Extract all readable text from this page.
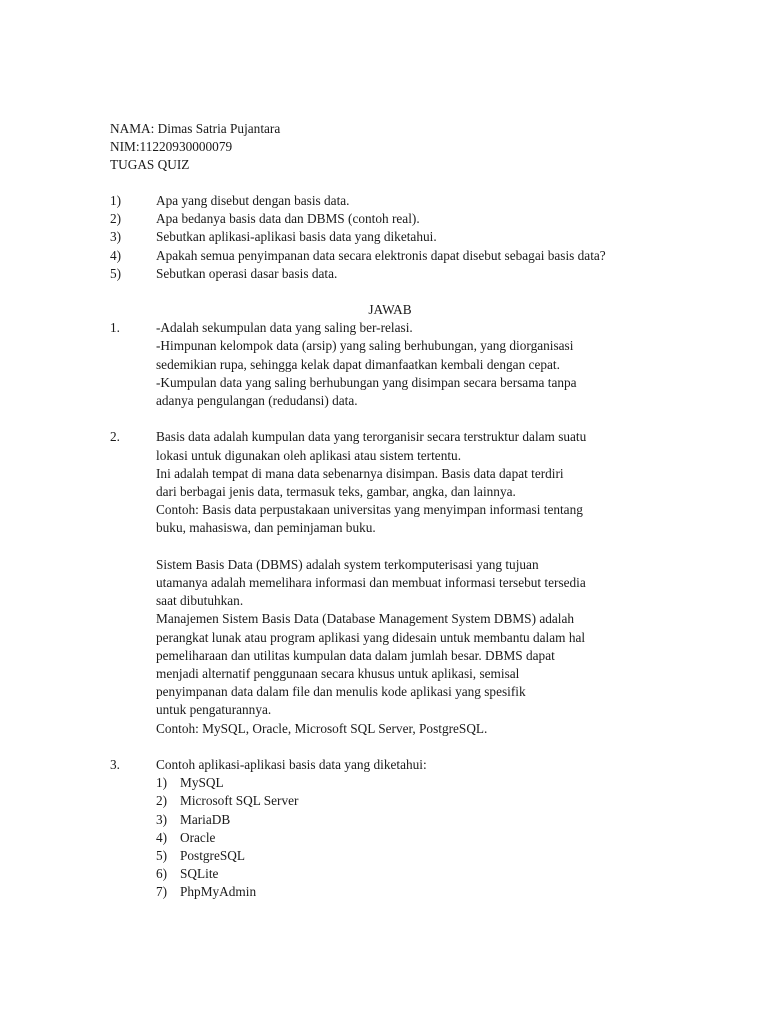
NAMA: Dimas Satria Pujantara
NIM:11220930000079
TUGAS QUIZ
1)	Apa yang disebut dengan basis data.
2)	Apa bedanya basis data dan DBMS (contoh real).
3)	Sebutkan aplikasi-aplikasi basis data yang diketahui.
4)	Apakah semua penyimpanan data secara elektronis dapat disebut sebagai basis data?
5)	Sebutkan operasi dasar basis data.
JAWAB
1.	-Adalah sekumpulan data yang saling ber-relasi.
-Himpunan kelompok data (arsip) yang saling berhubungan, yang diorganisasi
sedemikian rupa, sehingga kelak dapat dimanfaatkan kembali dengan cepat.
-Kumpulan data yang saling berhubungan yang disimpan secara bersama tanpa
adanya pengulangan (redudansi) data.
2.	Basis data adalah kumpulan data yang terorganisir secara terstruktur dalam suatu
lokasi untuk digunakan oleh aplikasi atau sistem tertentu.
Ini adalah tempat di mana data sebenarnya disimpan. Basis data dapat terdiri
dari berbagai jenis data, termasuk teks, gambar, angka, dan lainnya.
Contoh: Basis data perpustakaan universitas yang menyimpan informasi tentang
buku, mahasiswa, dan peminjaman buku.
Sistem Basis Data (DBMS) adalah system terkomputerisasi yang tujuan
utamanya adalah memelihara informasi dan membuat informasi tersebut tersedia
saat dibutuhkan.
Manajemen Sistem Basis Data (Database Management System DBMS) adalah
perangkat lunak atau program aplikasi yang didesain untuk membantu dalam hal
pemeliharaan dan utilitas kumpulan data dalam jumlah besar. DBMS dapat
menjadi alternatif penggunaan secara khusus untuk aplikasi, semisal
penyimpanan data dalam file dan menulis kode aplikasi yang spesifik
untuk pengaturannya.
Contoh: MySQL, Oracle, Microsoft SQL Server, PostgreSQL.
3.	Contoh aplikasi-aplikasi basis data yang diketahui:
1) MySQL
2) Microsoft SQL Server
3) MariaDB
4) Oracle
5) PostgreSQL
6) SQLite
7) PhpMyAdmin
